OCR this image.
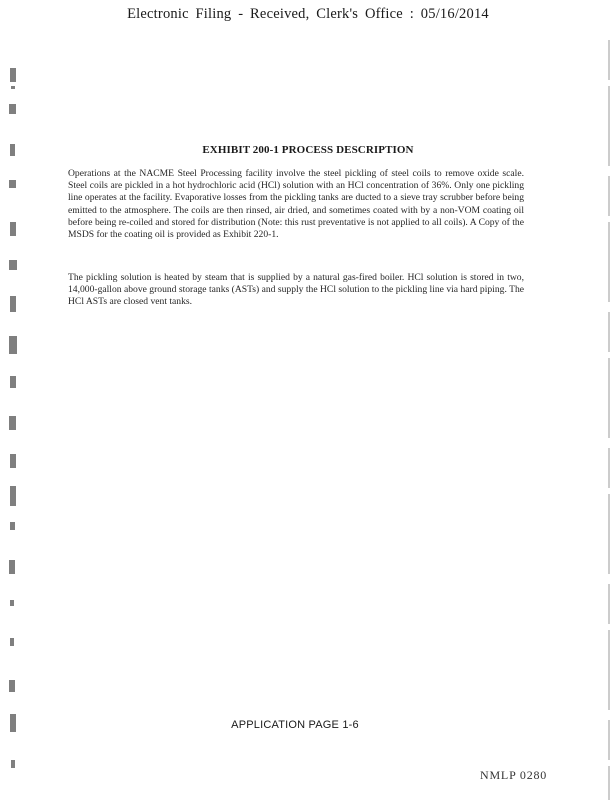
Electronic Filing - Received, Clerk's Office : 05/16/2014
EXHIBIT 200-1 PROCESS DESCRIPTION

Operations at the NACME Steel Processing facility involve the steel pickling of steel coils to remove oxide scale. Steel coils are pickled in a hot hydrochloric acid (HCl) solution with an HCl concentration of 36%. Only one pickling line operates at the facility. Evaporative losses from the pickling tanks are ducted to a sieve tray scrubber before being emitted to the atmosphere. The coils are then rinsed, air dried, and sometimes coated with by a non-VOM coating oil before being re-coiled and stored for distribution (Note: this rust preventative is not applied to all coils). A Copy of the MSDS for the coating oil is provided as Exhibit 220-1.

The pickling solution is heated by steam that is supplied by a natural gas-fired boiler. HCl solution is stored in two, 14,000-gallon above ground storage tanks (ASTs) and supply the HCl solution to the pickling line via hard piping. The HCl ASTs are closed vent tanks.

APPLICATION PAGE 1-6
NMLP 0280
